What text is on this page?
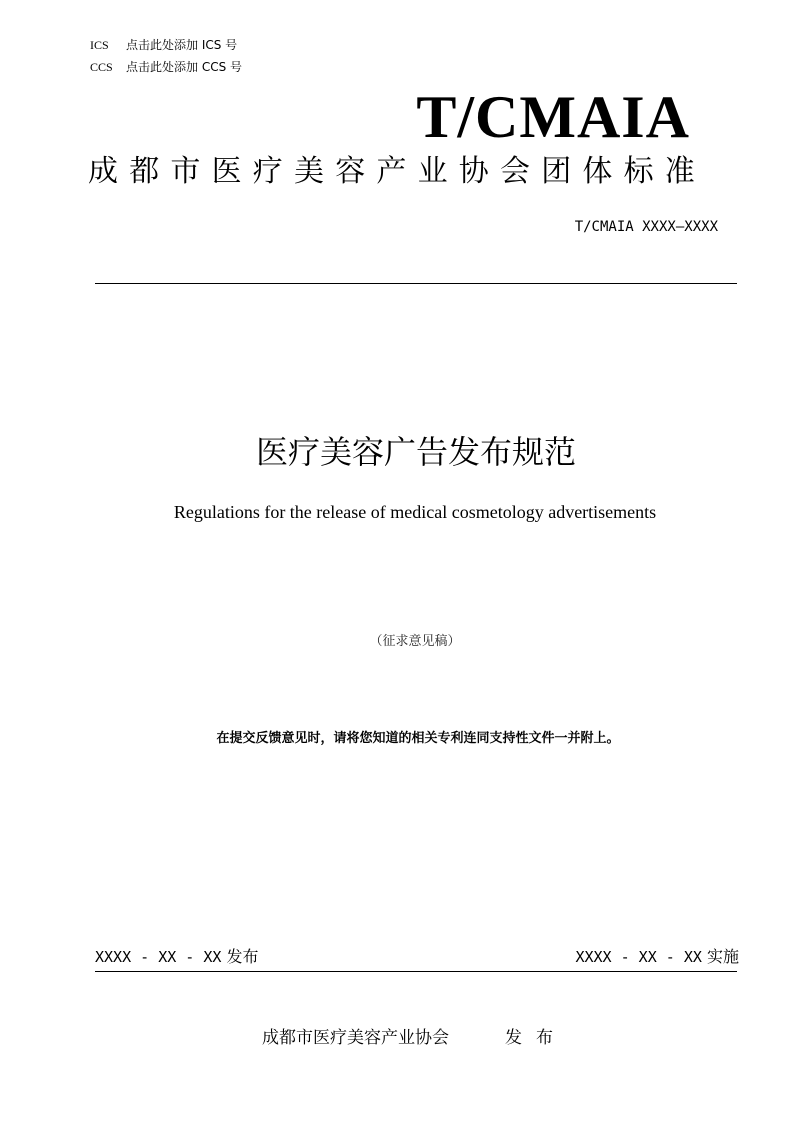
ICS 点击此处添加 ICS 号
CCS 点击此处添加 CCS 号
T/CMAIA
成都市医疗美容产业协会团体标准
T/CMAIA XXXX—XXXX
医疗美容广告发布规范
Regulations for the release of medical cosmetology advertisements
（征求意见稿）
在提交反馈意见时，请将您知道的相关专利连同支持性文件一并附上。
XXXX - XX - XX 发布	XXXX - XX - XX 实施
成都市医疗美容产业协会	发布
